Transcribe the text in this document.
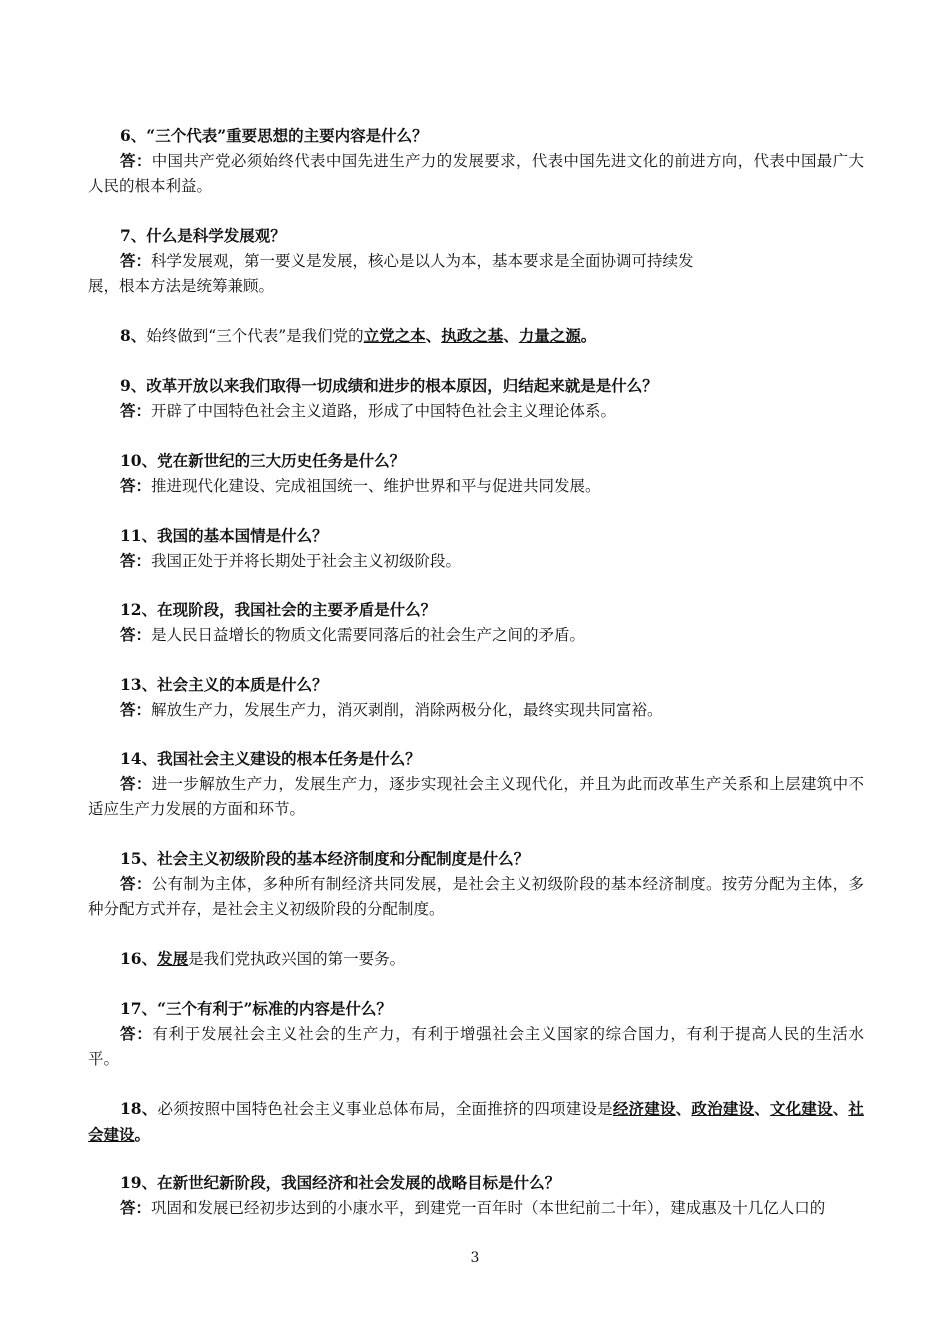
6、“三个代表”重要思想的主要内容是什么？
答：中国共产党必须始终代表中国先进生产力的发展要求，代表中国先进文化的前进方向，代表中国最广大人民的根本利益。
7、什么是科学发展观？
答：科学发展观，第一要义是发展，核心是以人为本，基本要求是全面协调可持续发
展，根本方法是统筹兼顾。
8、始终做到“三个代表”是我们党的立党之本、执政之基、力量之源。
9、改革开放以来我们取得一切成绩和进步的根本原因，归结起来就是是什么？
答：开辟了中国特色社会主义道路，形成了中国特色社会主义理论体系。
10、党在新世纪的三大历史任务是什么？
答：推进现代化建设、完成祖国统一、维护世界和平与促进共同发展。
11、我国的基本国情是什么？
答：我国正处于并将长期处于社会主义初级阶段。
12、在现阶段，我国社会的主要矛盾是什么？
答：是人民日益增长的物质文化需要同落后的社会生产之间的矛盾。
13、社会主义的本质是什么？
答：解放生产力，发展生产力，消灭剥削，消除两极分化，最终实现共同富裕。
14、我国社会主义建设的根本任务是什么？
答：进一步解放生产力，发展生产力，逐步实现社会主义现代化，并且为此而改革生产关系和上层建筑中不适应生产力发展的方面和环节。
15、社会主义初级阶段的基本经济制度和分配制度是什么？
答：公有制为主体，多种所有制经济共同发展，是社会主义初级阶段的基本经济制度。按劳分配为主体，多种分配方式并存，是社会主义初级阶段的分配制度。
16、发展是我们党执政兴国的第一要务。
17、“三个有利于”标准的内容是什么？
答：有利于发展社会主义社会的生产力，有利于增强社会主义国家的综合国力，有利于提高人民的生活水平。
18、必须按照中国特色社会主义事业总体布局，全面推挤的四项建设是经济建设、政治建设、文化建设、社会建设。
19、在新世纪新阶段，我国经济和社会发展的战略目标是什么？
答：巩固和发展已经初步达到的小康水平，到建党一百年时（本世纪前二十年），建成惠及十几亿人口的
3
